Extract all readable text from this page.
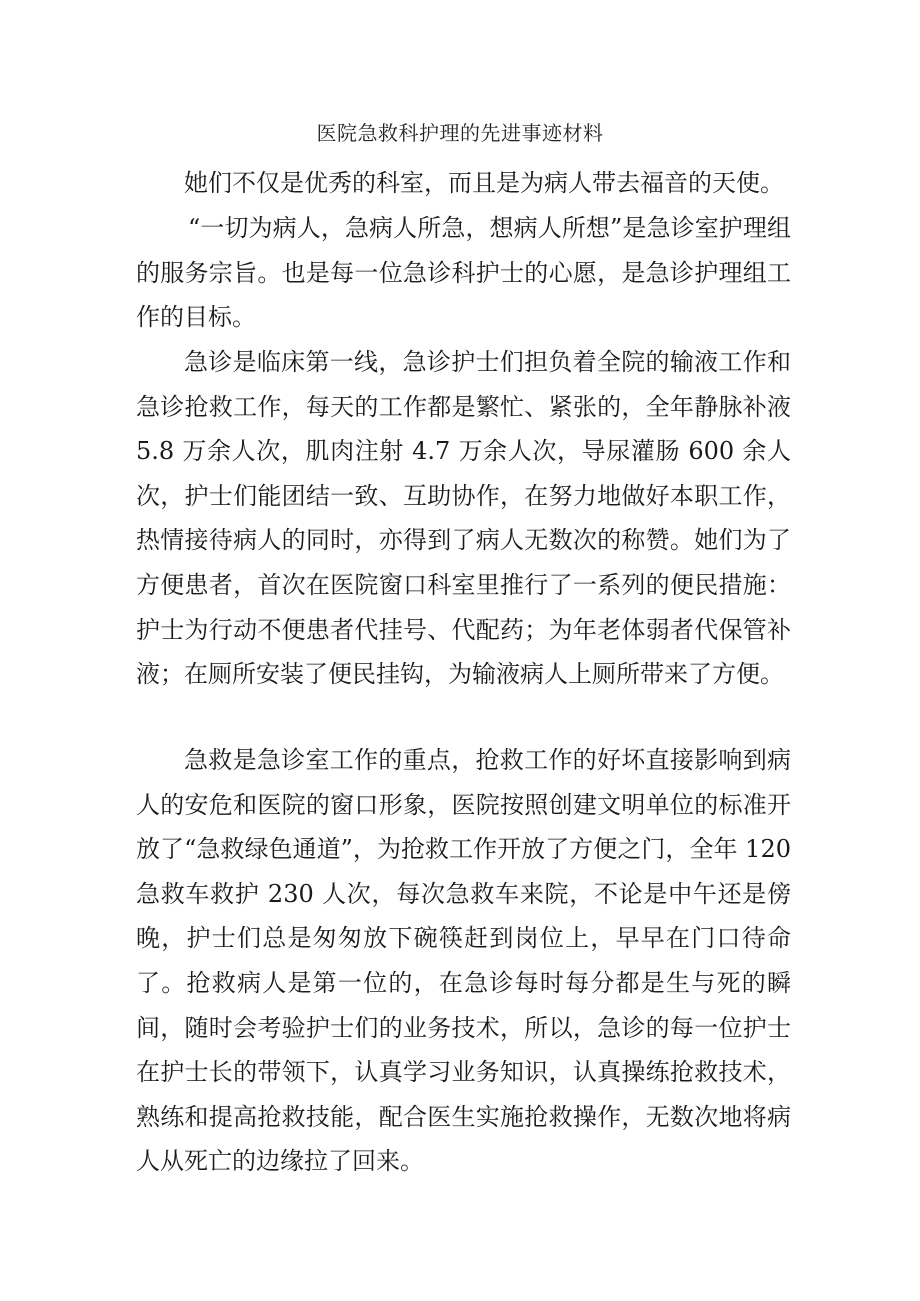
医院急救科护理的先进事迹材料

她们不仅是优秀的科室，而且是为病人带去福音的天使。

“一切为病人，急病人所急，想病人所想”是急诊室护理组的服务宗旨。也是每一位急诊科护士的心愿，是急诊护理组工作的目标。

急诊是临床第一线，急诊护士们担负着全院的输液工作和急诊抢救工作，每天的工作都是繁忙、紧张的，全年静脉补液 5.8 万余人次，肌肉注射 4.7 万余人次，导尿灌肠 600 余人次，护士们能团结一致、互助协作，在努力地做好本职工作，热情接待病人的同时，亦得到了病人无数次的称赞。她们为了方便患者，首次在医院窗口科室里推行了一系列的便民措施：护士为行动不便患者代挂号、代配药；为年老体弱者代保管补液；在厕所安装了便民挂钩，为输液病人上厕所带来了方便。

急救是急诊室工作的重点，抢救工作的好坏直接影响到病人的安危和医院的窗口形象，医院按照创建文明单位的标准开放了“急救绿色通道”，为抢救工作开放了方便之门，全年 120 急救车救护 230 人次，每次急救车来院，不论是中午还是傍晚，护士们总是匆匆放下碗筷赶到岗位上，早早在门口待命了。抢救病人是第一位的，在急诊每时每分都是生与死的瞬间，随时会考验护士们的业务技术，所以，急诊的每一位护士在护士长的带领下，认真学习业务知识，认真操练抢救技术，熟练和提高抢救技能，配合医生实施抢救操作，无数次地将病人从死亡的边缘拉了回来。
